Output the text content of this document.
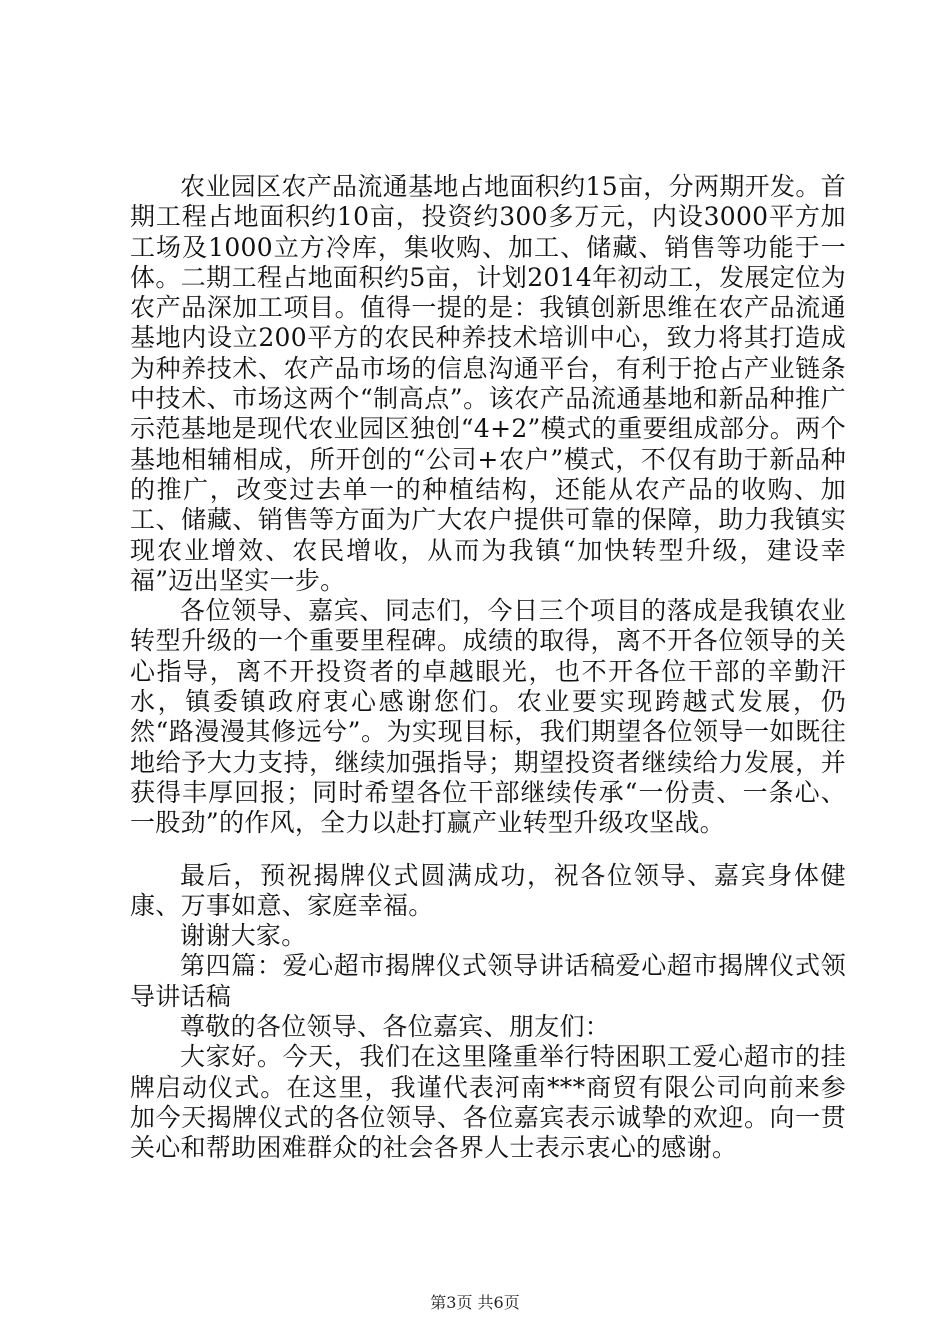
农业园区农产品流通基地占地面积约15亩，分两期开发。首期工程占地面积约10亩，投资约300多万元，内设3000平方加工场及1000立方冷库，集收购、加工、储藏、销售等功能于一体。二期工程占地面积约5亩，计划2014年初动工，发展定位为农产品深加工项目。值得一提的是：我镇创新思维在农产品流通基地内设立200平方的农民种养技术培训中心，致力将其打造成为种养技术、农产品市场的信息沟通平台，有利于抢占产业链条中技术、市场这两个“制高点”。该农产品流通基地和新品种推广示范基地是现代农业园区独创“4+2”模式的重要组成部分。两个基地相辅相成，所开创的“公司+农户”模式，不仅有助于新品种的推广，改变过去单一的种植结构，还能从农产品的收购、加工、储藏、销售等方面为广大农户提供可靠的保障，助力我镇实现农业增效、农民增收，从而为我镇“加快转型升级，建设幸福”迈出坚实一步。

各位领导、嘉宾、同志们，今日三个项目的落成是我镇农业转型升级的一个重要里程碑。成绩的取得，离不开各位领导的关心指导，离不开投资者的卓越眼光，也不开各位干部的辛勤汗水，镇委镇政府衷心感谢您们。农业要实现跨越式发展，仍然“路漫漫其修远兮”。为实现目标，我们期望各位领导一如既往地给予大力支持，继续加强指导；期望投资者继续给力发展，并获得丰厚回报；同时希望各位干部继续传承“一份责、一条心、一股劲”的作风，全力以赴打赢产业转型升级攻坚战。

最后，预祝揭牌仪式圆满成功，祝各位领导、嘉宾身体健康、万事如意、家庭幸福。

谢谢大家。

第四篇：爱心超市揭牌仪式领导讲话稿爱心超市揭牌仪式领导讲话稿

尊敬的各位领导、各位嘉宾、朋友们：

大家好。今天，我们在这里隆重举行特困职工爱心超市的挂牌启动仪式。在这里，我谨代表河南***商贸有限公司向前来参加今天揭牌仪式的各位领导、各位嘉宾表示诚挚的欢迎。向一贯关心和帮助困难群众的社会各界人士表示衷心的感谢。

第3页 共6页
